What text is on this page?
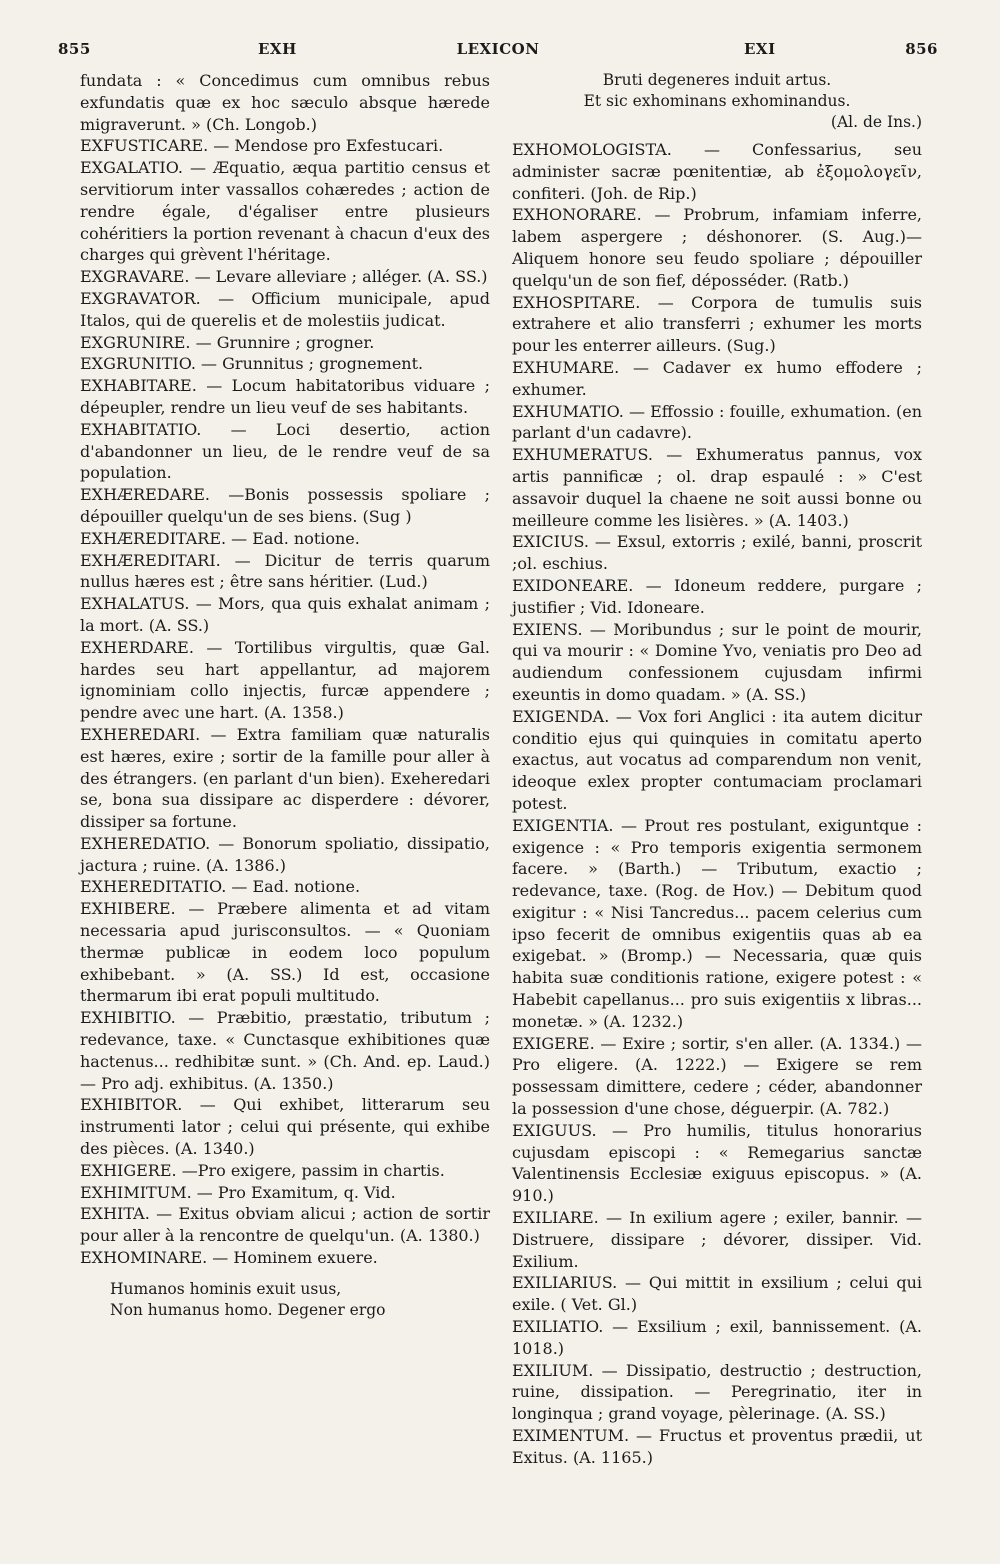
855	EXH	LEXICON	EXI	856

fundata : « Concedimus cum omnibus rebus exfundatis quæ ex hoc sæculo absque hærede migraverunt. » (Ch. Longob.)

EXFUSTICARE. — Mendose pro Exfestucari.

EXGALATIO. — Æquatio, æqua partitio census et servitiorum inter vassallos cohæredes ; action de rendre égale, d'égaliser entre plusieurs cohéritiers la portion revenant à chacun d'eux des charges qui grèvent l'héritage.

EXGRAVARE. — Levare alleviare ; alléger. (A. SS.)

EXGRAVATOR. — Officium municipale, apud Italos, qui de querelis et de molestiis judicat.

EXGRUNIRE. — Grunnire ; grogner.

EXGRUNITIO. — Grunnitus ; grognement.

EXHABITARE. — Locum habitatoribus viduare ; dépeupler, rendre un lieu veuf de ses habitants.

EXHABITATIO. — Loci desertio, action d'abandonner un lieu, de le rendre veuf de sa population.

EXHÆREDARE. —Bonis possessis spoliare ; dépouiller quelqu'un de ses biens. (Sug )

EXHÆREDITARE. — Ead. notione.

EXHÆREDITARI. — Dicitur de terris quarum nullus hæres est ; être sans héritier. (Lud.)

EXHALATUS. — Mors, qua quis exhalat animam ; la mort. (A. SS.)

EXHERDARE. — Tortilibus virgultis, quæ Gal. hardes seu hart appellantur, ad majorem ignominiam collo injectis, furcæ appendere ; pendre avec une hart. (A. 1358.)

EXHEREDARI. — Extra familiam quæ naturalis est hæres, exire ; sortir de la famille pour aller à des étrangers. (en parlant d'un bien). Exeheredari se, bona sua dissipare ac disperdere : dévorer, dissiper sa fortune.

EXHEREDATIO. — Bonorum spoliatio, dissipatio, jactura ; ruine. (A. 1386.)

EXHEREDITATIO. — Ead. notione.

EXHIBERE. — Præbere alimenta et ad vitam necessaria apud jurisconsultos. — « Quoniam thermæ publicæ in eodem loco populum exhibebant. » (A. SS.) Id est, occasione thermarum ibi erat populi multitudo.

EXHIBITIO. — Præbitio, præstatio, tributum ; redevance, taxe. « Cunctasque exhibitiones quæ hactenus... redhibitæ sunt. » (Ch. And. ep. Laud.) — Pro adj. exhibitus. (A. 1350.)

EXHIBITOR. — Qui exhibet, litterarum seu instrumenti lator ; celui qui présente, qui exhibe des pièces. (A. 1340.)

EXHIGERE. —Pro exigere, passim in chartis.

EXHIMITUM. — Pro Examitum, q. Vid.

EXHITA. — Exitus obviam alicui ; action de sortir pour aller à la rencontre de quelqu'un. (A. 1380.)

EXHOMINARE. — Hominem exuere.

Humanos hominis exuit usus,

Non humanus homo. Degener ergo

Bruti degeneres induit artus.

Et sic exhominans exhominandus.

(Al. de Ins.)

EXHOMOLOGISTA. — Confessarius, seu administer sacræ pœnitentiæ, ab ἐξομολογεῖν, confiteri. (Joh. de Rip.)

EXHONORARE. — Probrum, infamiam inferre, labem aspergere ; déshonorer. (S. Aug.)— Aliquem honore seu feudo spoliare ; dépouiller quelqu'un de son fief, déposséder. (Ratb.)

EXHOSPITARE. — Corpora de tumulis suis extrahere et alio transferri ; exhumer les morts pour les enterrer ailleurs. (Sug.)

EXHUMARE. — Cadaver ex humo effodere ; exhumer.

EXHUMATIO. — Effossio : fouille, exhumation. (en parlant d'un cadavre).

EXHUMERATUS. — Exhumeratus pannus, vox artis pannificæ ; ol. drap espaulé : » C'est assavoir duquel la chaene ne soit aussi bonne ou meilleure comme les lisières. » (A. 1403.)

EXICIUS. — Exsul, extorris ; exilé, banni, proscrit ;ol. eschius.

EXIDONEARE. — Idoneum reddere, purgare ; justifier ; Vid. Idoneare.

EXIENS. — Moribundus ; sur le point de mourir, qui va mourir : « Domine Yvo, veniatis pro Deo ad audiendum confessionem cujusdam infirmi exeuntis in domo quadam. » (A. SS.)

EXIGENDA. — Vox fori Anglici : ita autem dicitur conditio ejus qui quinquies in comitatu aperto exactus, aut vocatus ad comparendum non venit, ideoque exlex propter contumaciam proclamari potest.

EXIGENTIA. — Prout res postulant, exiguntque : exigence : « Pro temporis exigentia sermonem facere. » (Barth.) — Tributum, exactio ; redevance, taxe. (Rog. de Hov.) — Debitum quod exigitur : « Nisi Tancredus... pacem celerius cum ipso fecerit de omnibus exigentiis quas ab ea exigebat. » (Bromp.) — Necessaria, quæ quis habita suæ conditionis ratione, exigere potest : « Habebit capellanus... pro suis exigentiis x libras... monetæ. » (A. 1232.)

EXIGERE. — Exire ; sortir, s'en aller. (A. 1334.) — Pro eligere. (A. 1222.) — Exigere se rem possessam dimittere, cedere ; céder, abandonner la possession d'une chose, déguerpir. (A. 782.)

EXIGUUS. — Pro humilis, titulus honorarius cujusdam episcopi : « Remegarius sanctæ Valentinensis Ecclesiæ exiguus episcopus. » (A. 910.)

EXILIARE. — In exilium agere ; exiler, bannir. — Distruere, dissipare ; dévorer, dissiper. Vid. Exilium.

EXILIARIUS. — Qui mittit in exsilium ; celui qui exile. ( Vet. Gl.)

EXILIATIO. — Exsilium ; exil, bannissement. (A. 1018.)

EXILIUM. — Dissipatio, destructio ; destruction, ruine, dissipation. — Peregrinatio, iter in longinqua ; grand voyage, pèlerinage. (A. SS.)

EXIMENTUM. — Fructus et proventus prædii, ut Exitus. (A. 1165.)
